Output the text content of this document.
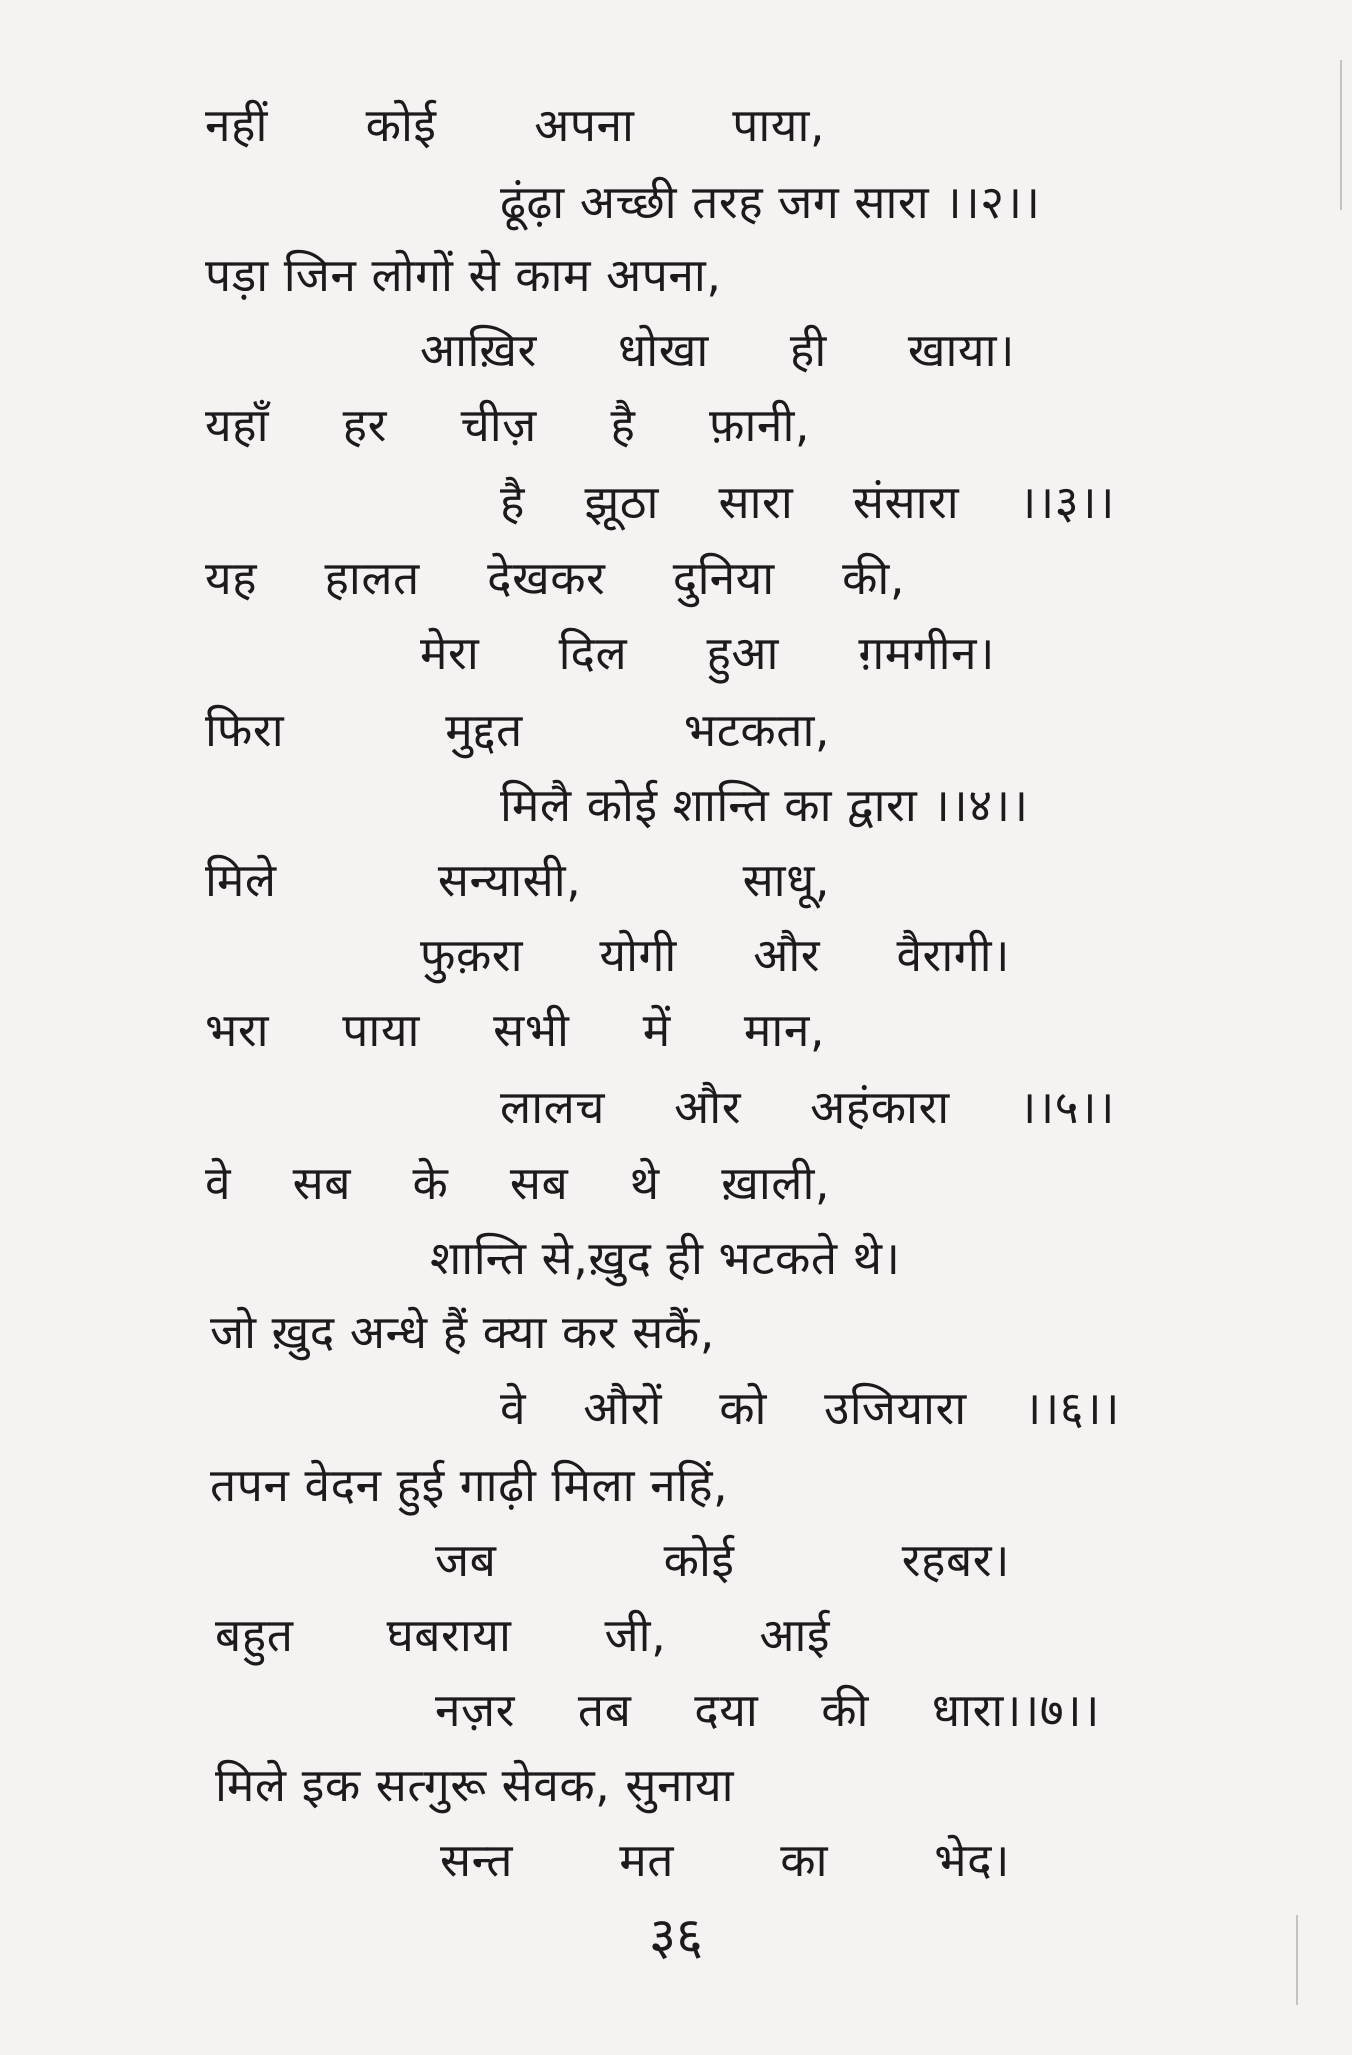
नहीं कोई अपना पाया,
ढूंढ़ा अच्छी तरह जग सारा ।।२।।
पड़ा जिन लोगों से काम अपना,
आख़िर धोखा ही खाया।
यहाँ हर चीज़ है फ़ानी,
है झूठा सारा संसारा ।।३।।
यह हालत देखकर दुनिया की,
मेरा दिल हुआ ग़मगीन।
फिरा	मुद्दत	भटकता,
मिलै कोई शान्ति का द्वारा ।।४।।
मिले	सन्यासी,	साधू,
फुक़रा योगी और वैरागी।
भरा पाया सभी में मान,
लालच और अहंकारा ।।५।।
वे सब के सब थे ख़ाली,
शान्ति से,ख़ुद ही भटकते थे।
जो ख़ुद अन्धे हैं क्या कर सकैं,
वे औरों को उजियारा ।।६।।
तपन वेदन हुई गाढ़ी मिला नहिं,
जब	कोई	रहबर।
बहुत घबराया जी, आई
नज़र तब दया की धारा।।७।।
मिले इक सत्गुरू सेवक, सुनाया
सन्त मत का भेद।
३६
